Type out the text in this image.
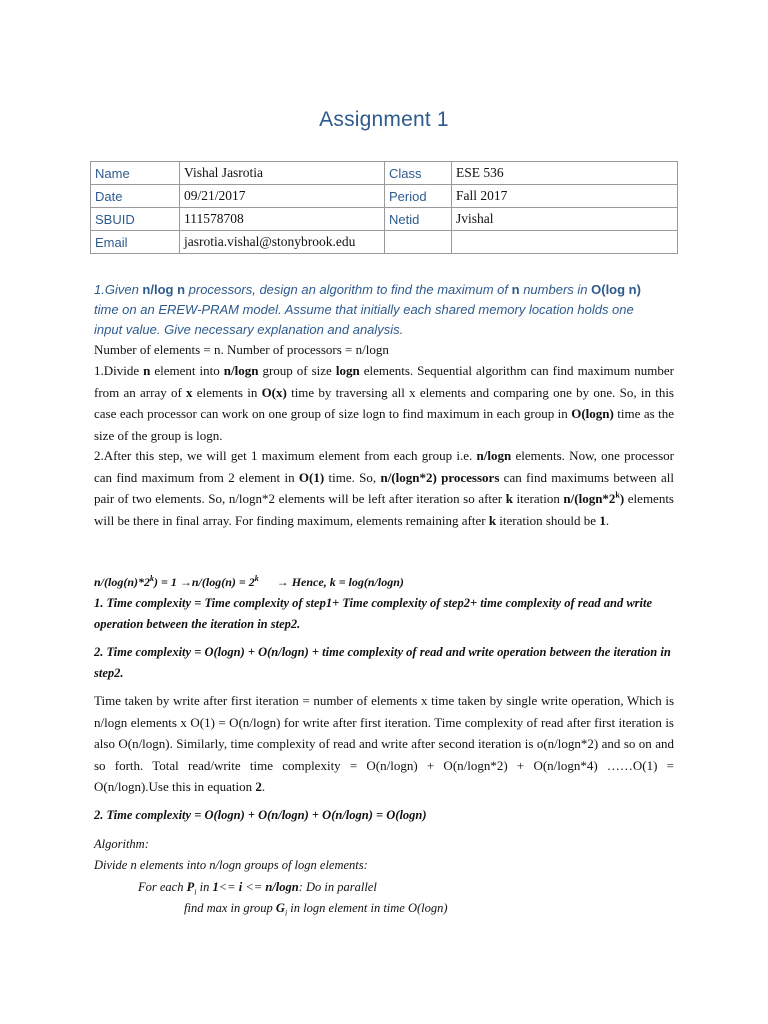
Assignment 1
Name	Vishal Jasrotia	Class	ESE 536
Date	09/21/2017	Period	Fall 2017
SBUID	111578708	Netid	Jvishal
Email	jasrotia.vishal@stonybrook.edu		
1.Given n/log n processors, design an algorithm to find the maximum of n numbers in O(log n) time on an EREW-PRAM model. Assume that initially each shared memory location holds one input value. Give necessary explanation and analysis.
Number of elements = n. Number of processors = n/logn
1.Divide n element into n/logn group of size logn elements. Sequential algorithm can find maximum number from an array of x elements in O(x) time by traversing all x elements and comparing one by one. So, in this case each processor can work on one group of size logn to find maximum in each group in O(logn) time as the size of the group is logn.
2.After this step, we will get 1 maximum element from each group i.e. n/logn elements. Now, one processor can find maximum from 2 element in O(1) time. So, n/(logn*2) processors can find maximums between all pair of two elements. So, n/logn*2 elements will be left after iteration so after k iteration n/(logn*2$^k$) elements will be there in final array. For finding maximum, elements remaining after k iteration should be 1.
$n/(\log(n)*2^k) = 1 \to n/(\log(n) = 2^k$ → Hence, k = log(n/logn)
1. Time complexity = Time complexity of step1+ Time complexity of step2+ time complexity of read and write operation between the iteration in step2.
2. Time complexity = O(logn) + O(n/logn) + time complexity of read and write operation between the iteration in step2.
Time taken by write after first iteration = number of elements x time taken by single write operation, Which is n/logn elements x O(1) = O(n/logn) for write after first iteration. Time complexity of read after first iteration is also O(n/logn). Similarly, time complexity of read and write after second iteration is o(n/logn*2) and so on and so forth. Total read/write time complexity = O(n/logn) + O(n/logn*2) + O(n/logn*4) ……O(1) = O(n/logn).Use this in equation 2.
2. Time complexity = O(logn) + O(n/logn) + O(n/logn) = O(logn)
Algorithm:
Divide n elements into n/logn groups of logn elements:
For each $P_i$ in 1<= i <= n/logn: Do in parallel
find max in group $G_i$ in logn element in time O(logn)
